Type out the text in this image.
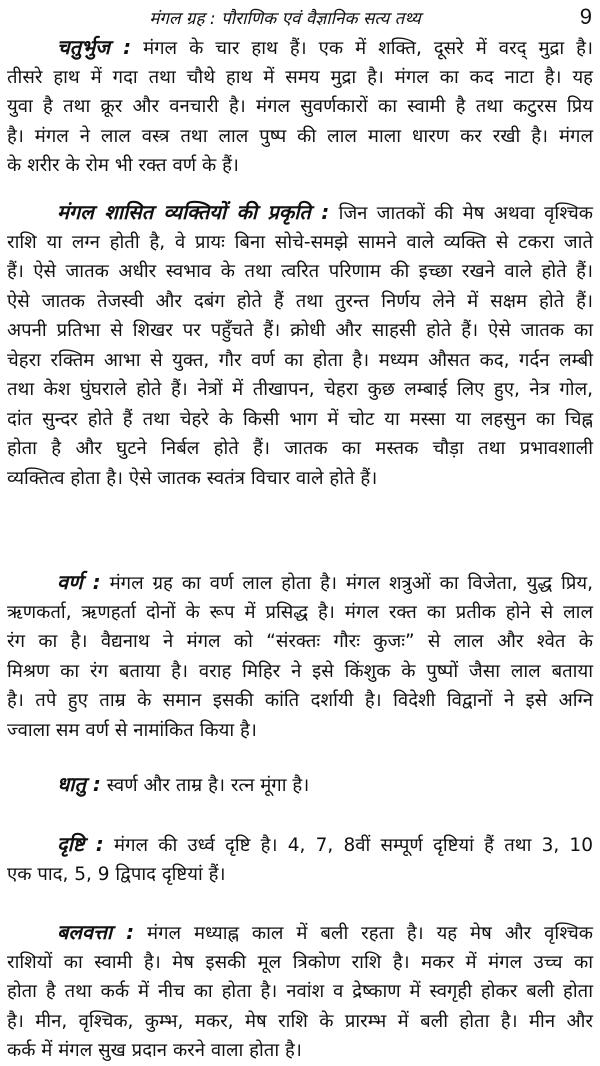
मंगल ग्रह : पौराणिक एवं वैज्ञानिक सत्य तथ्य	9
चतुर्भुज : मंगल के चार हाथ हैं। एक में शक्ति, दूसरे में वरद् मुद्रा है।
तीसरे हाथ में गदा तथा चौथे हाथ में समय मुद्रा है। मंगल का कद नाटा है। यह
युवा है तथा क्रूर और वनचारी है। मंगल सुवर्णकारों का स्वामी है तथा कटुरस प्रिय
है। मंगल ने लाल वस्त्र तथा लाल पुष्प की लाल माला धारण कर रखी है। मंगल
के शरीर के रोम भी रक्त वर्ण के हैं।
मंगल शासित व्यक्तियों की प्रकृति : जिन जातकों की मेष अथवा वृश्चिक
राशि या लग्न होती है, वे प्रायः बिना सोचे-समझे सामने वाले व्यक्ति से टकरा जाते
हैं। ऐसे जातक अधीर स्वभाव के तथा त्वरित परिणाम की इच्छा रखने वाले होते हैं।
ऐसे जातक तेजस्वी और दबंग होते हैं तथा तुरन्त निर्णय लेने में सक्षम होते हैं।
अपनी प्रतिभा से शिखर पर पहुँचते हैं। क्रोधी और साहसी होते हैं। ऐसे जातक का
चेहरा रक्तिम आभा से युक्त, गौर वर्ण का होता है। मध्यम औसत कद, गर्दन लम्बी
तथा केश घुंघराले होते हैं। नेत्रों में तीखापन, चेहरा कुछ लम्बाई लिए हुए, नेत्र गोल,
दांत सुन्दर होते हैं तथा चेहरे के किसी भाग में चोट या मस्सा या लहसुन का चिह्न
होता है और घुटने निर्बल होते हैं। जातक का मस्तक चौड़ा तथा प्रभावशाली
व्यक्तित्व होता है। ऐसे जातक स्वतंत्र विचार वाले होते हैं।
वर्ण : मंगल ग्रह का वर्ण लाल होता है। मंगल शत्रुओं का विजेता, युद्ध प्रिय,
ऋणकर्ता, ऋणहर्ता दोनों के रूप में प्रसिद्ध है। मंगल रक्त का प्रतीक होने से लाल
रंग का है। वैद्यनाथ ने मंगल को “संरक्तः गौरः कुजः” से लाल और श्वेत के
मिश्रण का रंग बताया है। वराह मिहिर ने इसे किंशुक के पुष्पों जैसा लाल बताया
है। तपे हुए ताम्र के समान इसकी कांति दर्शायी है। विदेशी विद्वानों ने इसे अग्नि
ज्वाला सम वर्ण से नामांकित किया है।
धातु : स्वर्ण और ताम्र है। रत्न मूंगा है।
दृष्टि : मंगल की उर्ध्व दृष्टि है। 4, 7, 8वीं सम्पूर्ण दृष्टियां हैं तथा 3, 10
एक पाद, 5, 9 द्विपाद दृष्टियां हैं।
बलवत्ता : मंगल मध्याह्न काल में बली रहता है। यह मेष और वृश्चिक
राशियों का स्वामी है। मेष इसकी मूल त्रिकोण राशि है। मकर में मंगल उच्च का
होता है तथा कर्क में नीच का होता है। नवांश व द्रेष्काण में स्वगृही होकर बली होता
है। मीन, वृश्चिक, कुम्भ, मकर, मेष राशि के प्रारम्भ में बली होता है। मीन और
कर्क में मंगल सुख प्रदान करने वाला होता है।
